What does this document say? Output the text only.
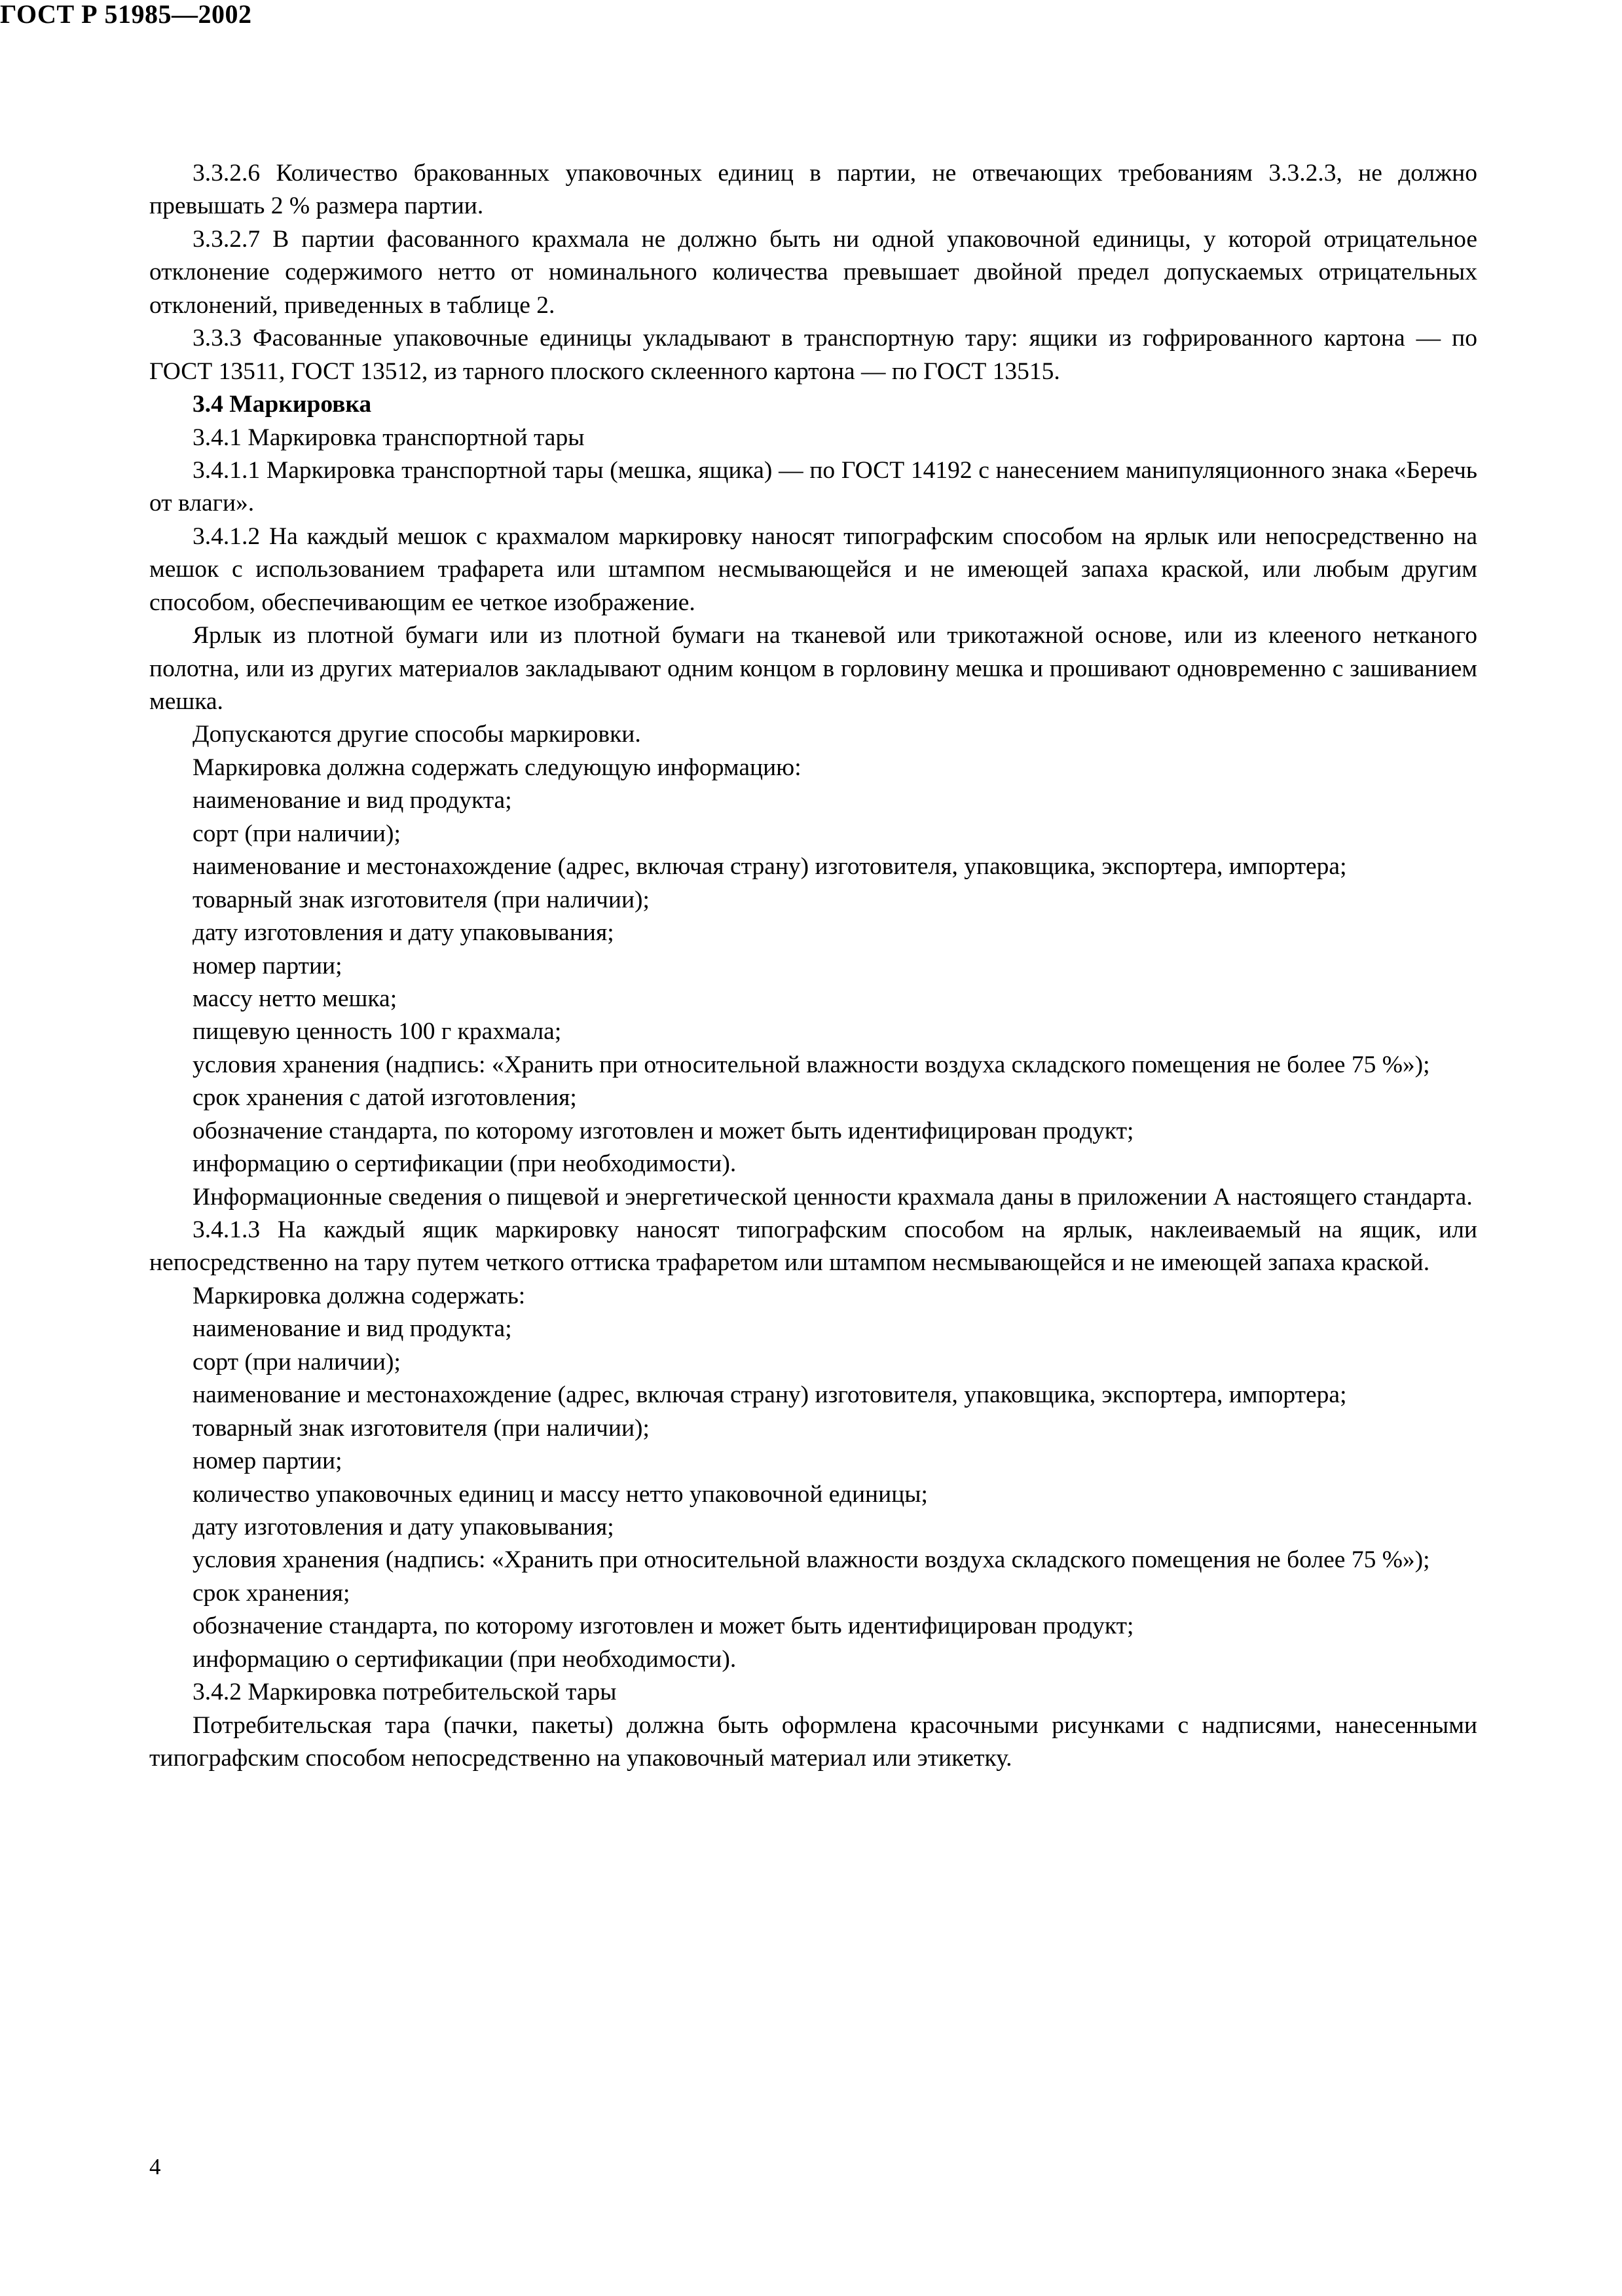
ГОСТ Р 51985—2002

3.3.2.6 Количество бракованных упаковочных единиц в партии, не отвечающих требованиям 3.3.2.3, не должно превышать 2 % размера партии.

3.3.2.7 В партии фасованного крахмала не должно быть ни одной упаковочной единицы, у которой отрицательное отклонение содержимого нетто от номинального количества превышает двойной предел допускаемых отрицательных отклонений, приведенных в таблице 2.

3.3.3 Фасованные упаковочные единицы укладывают в транспортную тару: ящики из гофрированного картона — по ГОСТ 13511, ГОСТ 13512, из тарного плоского склеенного картона — по ГОСТ 13515.

3.4 Маркировка

3.4.1 Маркировка транспортной тары

3.4.1.1 Маркировка транспортной тары (мешка, ящика) — по ГОСТ 14192 с нанесением манипуляционного знака «Беречь от влаги».

3.4.1.2 На каждый мешок с крахмалом маркировку наносят типографским способом на ярлык или непосредственно на мешок с использованием трафарета или штампом несмывающейся и не имеющей запаха краской, или любым другим способом, обеспечивающим ее четкое изображение.

Ярлык из плотной бумаги или из плотной бумаги на тканевой или трикотажной основе, или из клееного нетканого полотна, или из других материалов закладывают одним концом в горловину мешка и прошивают одновременно с зашиванием мешка.

Допускаются другие способы маркировки.

Маркировка должна содержать следующую информацию:

наименование и вид продукта;

сорт (при наличии);

наименование и местонахождение (адрес, включая страну) изготовителя, упаковщика, экспортера, импортера;

товарный знак изготовителя (при наличии);

дату изготовления и дату упаковывания;

номер партии;

массу нетто мешка;

пищевую ценность 100 г крахмала;

условия хранения (надпись: «Хранить при относительной влажности воздуха складского помещения не более 75 %»);

срок хранения с датой изготовления;

обозначение стандарта, по которому изготовлен и может быть идентифицирован продукт;

информацию о сертификации (при необходимости).

Информационные сведения о пищевой и энергетической ценности крахмала даны в приложении А настоящего стандарта.

3.4.1.3 На каждый ящик маркировку наносят типографским способом на ярлык, наклеиваемый на ящик, или непосредственно на тару путем четкого оттиска трафаретом или штампом несмывающейся и не имеющей запаха краской.

Маркировка должна содержать:

наименование и вид продукта;

сорт (при наличии);

наименование и местонахождение (адрес, включая страну) изготовителя, упаковщика, экспортера, импортера;

товарный знак изготовителя (при наличии);

номер партии;

количество упаковочных единиц и массу нетто упаковочной единицы;

дату изготовления и дату упаковывания;

условия хранения (надпись: «Хранить при относительной влажности воздуха складского помещения не более 75 %»);

срок хранения;

обозначение стандарта, по которому изготовлен и может быть идентифицирован продукт;

информацию о сертификации (при необходимости).

3.4.2 Маркировка потребительской тары

Потребительская тара (пачки, пакеты) должна быть оформлена красочными рисунками с надписями, нанесенными типографским способом непосредственно на упаковочный материал или этикетку.

4
